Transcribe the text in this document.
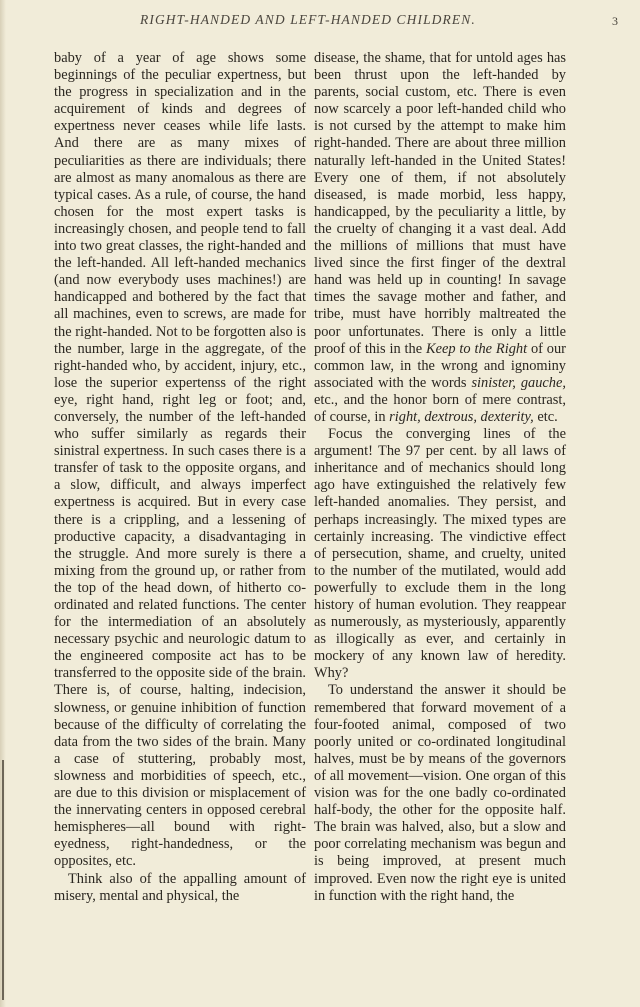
RIGHT-HANDED AND LEFT-HANDED CHILDREN.	3

baby of a year of age shows some beginnings of the peculiar expertness, but the progress in specialization and in the acquirement of kinds and degrees of expertness never ceases while life lasts. And there are as many mixes of peculiarities as there are individuals; there are almost as many anomalous as there are typical cases. As a rule, of course, the hand chosen for the most expert tasks is increasingly chosen, and people tend to fall into two great classes, the right-handed and the left-handed. All left-handed mechanics (and now everybody uses machines!) are handicapped and bothered by the fact that all machines, even to screws, are made for the right-handed. Not to be forgotten also is the number, large in the aggregate, of the right-handed who, by accident, injury, etc., lose the superior expertenss of the right eye, right hand, right leg or foot; and, conversely, the number of the left-handed who suffer similarly as regards their sinistral expertness. In such cases there is a transfer of task to the opposite organs, and a slow, difficult, and always imperfect expertness is acquired. But in every case there is a crippling, and a lessening of productive capacity, a disadvantaging in the struggle. And more surely is there a mixing from the ground up, or rather from the top of the head down, of hitherto co-ordinated and related functions. The center for the intermediation of an absolutely necessary psychic and neurologic datum to the engineered composite act has to be transferred to the opposite side of the brain. There is, of course, halting, indecision, slowness, or genuine inhibition of function because of the difficulty of correlating the data from the two sides of the brain. Many a case of stuttering, probably most, slowness and morbidities of speech, etc., are due to this division or misplacement of the innervating centers in opposed cerebral hemispheres—all bound with right-eyedness, right-handedness, or the opposites, etc.

Think also of the appalling amount of misery, mental and physical, the

disease, the shame, that for untold ages has been thrust upon the left-handed by parents, social custom, etc. There is even now scarcely a poor left-handed child who is not cursed by the attempt to make him right-handed. There are about three million naturally left-handed in the United States! Every one of them, if not absolutely diseased, is made morbid, less happy, handicapped, by the peculiarity a little, by the cruelty of changing it a vast deal. Add the millions of millions that must have lived since the first finger of the dextral hand was held up in counting! In savage times the savage mother and father, and tribe, must have horribly maltreated the poor unfortunates. There is only a little proof of this in the Keep to the Right of our common law, in the wrong and ignominy associated with the words sinister, gauche, etc., and the honor born of mere contrast, of course, in right, dextrous, dexterity, etc.

Focus the converging lines of the argument! The 97 per cent. by all laws of inheritance and of mechanics should long ago have extinguished the relatively few left-handed anomalies. They persist, and perhaps increasingly. The mixed types are certainly increasing. The vindictive effect of persecution, shame, and cruelty, united to the number of the mutilated, would add powerfully to exclude them in the long history of human evolution. They reappear as numerously, as mysteriously, apparently as illogically as ever, and certainly in mockery of any known law of heredity. Why?

To understand the answer it should be remembered that forward movement of a four-footed animal, composed of two poorly united or co-ordinated longitudinal halves, must be by means of the governors of all movement—vision. One organ of this vision was for the one badly co-ordinated half-body, the other for the opposite half. The brain was halved, also, but a slow and poor correlating mechanism was begun and is being improved, at present much improved. Even now the right eye is united in function with the right hand, the
